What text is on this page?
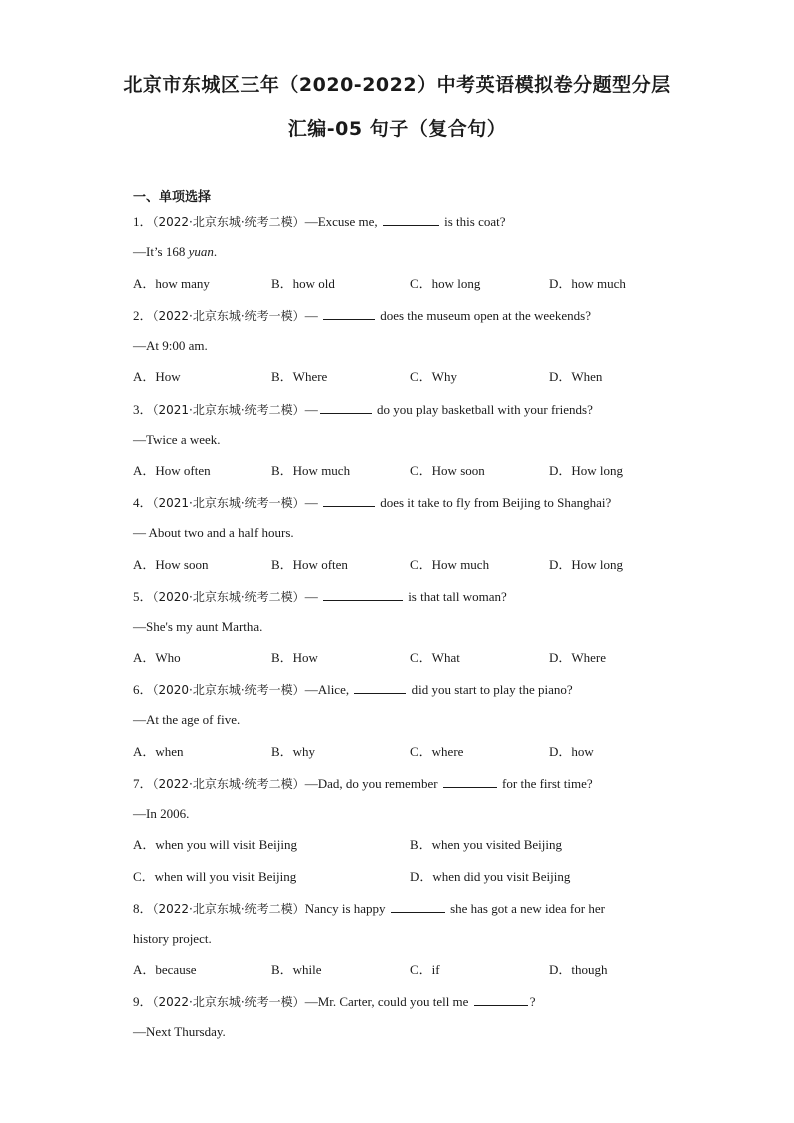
北京市东城区三年（2020-2022）中考英语模拟卷分题型分层
汇编-05 句子（复合句）
一、单项选择
1．（2022·北京东城·统考二模）—Excuse me,	is this coat?
—It’s 168 yuan.
A．how many	B．how old	C．how long	D．how much
2．（2022·北京东城·统考一模）—	does the museum open at the weekends?
—At 9:00 am.
A．How	B．Where	C．Why	D．When
3．（2021·北京东城·统考二模）—	do you play basketball with your friends?
—Twice a week.
A．How often	B．How much	C．How soon	D．How long
4．（2021·北京东城·统考一模）—	does it take to fly from Beijing to Shanghai?
— About two and a half hours.
A．How soon	B．How often	C．How much	D．How long
5．（2020·北京东城·统考二模）—	is that tall woman?
—She's my aunt Martha.
A．Who	B．How	C．What	D．Where
6．（2020·北京东城·统考一模）—Alice,	did you start to play the piano?
—At the age of five.
A．when	B．why	C．where	D．how
7．（2022·北京东城·统考二模）—Dad, do you remember	for the first time?
—In 2006.
A．when you will visit Beijing	B．when you visited Beijing
C．when will you visit Beijing	D．when did you visit Beijing
8．（2022·北京东城·统考二模）Nancy is happy	she has got a new idea for her
history project.
A．because	B．while	C．if	D．though
9．（2022·北京东城·统考一模）—Mr. Carter, could you tell me	?
—Next Thursday.
